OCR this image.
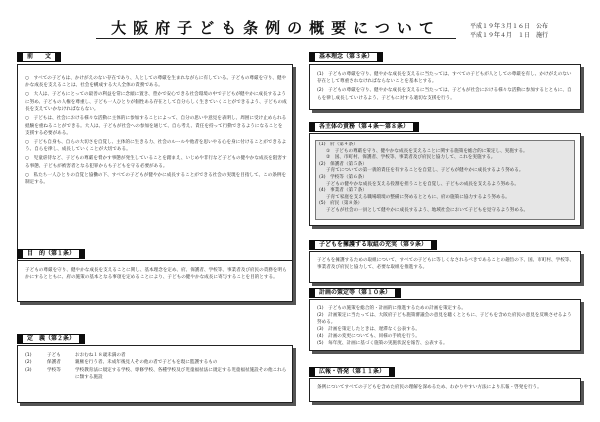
大阪府子ども条例の概要について	平成１９年３月１６日　公布
平成１９年４月　１日　施行
前　　文

○　すべての子どもは、かけがえのない存在であり、人としての尊厳を生まれながらに有している。子どもの尊厳を守り、健やかな成長を支えることは、社会を構成する大人全体の責務である。

○　大人は、子どもにとっての最善の利益を常に念頭に置き、豊かで安心できる社会環境の中で子どもが健やかに成長するように努め、子どもの人権を尊重し、子ども一人ひとりが個性ある存在として自分らしく生きていくことができるよう、子どもの成長を支えていかなければならない。

○　子どもは、社会における様々な活動に主体的に参加することによって、自分の思いや意見を表明し、周囲に受け止められる経験を重ねることができる。大人は、子どもが社会への参加を通じて、自ら考え、責任を持って行動できるようになることを支援する必要がある。

○　子ども自身も、自らの大切さを自覚し、主体的に生きる力、社会のルールや他者を思いやる心を身に付けることができるよう、自らを律し、成長していくことが大切である。

○　児童虐待など、子どもの尊厳を脅かす事態が発生していることを踏まえ、いじめや非行など子どもの健やかな成長を阻害する事態、子どもが被害者となる犯罪からも子どもを守る必要がある。

○　私たち一人ひとりの自覚と協働の下、すべての子どもが健やかに成長することができる社会の実現を目指して、この条例を制定する。

目　的（第１条）
子どもの尊厳を守り、健やかな成長を支えることに関し、基本理念を定め、府、保護者、学校等、事業者及び府民の責務を明らかにするとともに、府の施策の基本となる事項を定めることにより、子どもの健やかな成長に寄与することを目的とする。
定　義（第２条）
(1)	子ども	おおむね１８歳未満の者
(2)	保護者	親権を行う者、未成年後見人その他の者で子どもを現に監護するもの
(3)	学校等	学校教育法に規定する学校、専修学校、各種学校及び児童福祉法に規定する児童福祉施設その他これらに類する施設
基本理念（第３条）

(1)　子どもの尊厳を守り、健やかな成長を支えるに当たっては、すべての子どもが人としての尊厳を有し、かけがえのない存在として尊重されなければならないことを基本とする。

(2)　子どもの尊厳を守り、健やかな成長を支えるに当たっては、子どもが社会における様々な活動に参加するとともに、自らを律し成長していけるよう、子どもに対する適切な支援を行う。

各主体の責務（第４条〜第８条）
(1)　府（第４条）
①　子どもの尊厳を守り、健やかな成長を支えることに関する施策を総合的に策定し、実施する。
②　国、市町村、保護者、学校等、事業者及び府民と協力して、これを実施する。
(2)　保護者（第５条）
子育てについての第一義的責任を有することを自覚し、子どもが健やかに成長するよう努める。
(3)　学校等（第６条）
子どもの健やかな成長を支える役割を担うことを自覚し、子どもの成長を支えるよう努める。
(4)　事業者（第７条）
子育て家庭を支える職場環境の整備に努めるとともに、府の施策に協力するよう努める。
(5)　府民（第８条）
子どもが社会の一員として健やかに成長するよう、地域社会において子どもを見守るよう努める。
子どもを擁護する取組の充実（第９条）
子どもを擁護するための取組について、すべての子どもに等しくなされるべきであることの趣旨の下、国、市町村、学校等、事業者及び府民と協力して、必要な取組を推進する。
計画の策定等（第１０条）
(1)　子どもの施策を総合的・計画的に推進するための計画を策定する。
(2)　計画策定に当たっては、大阪府子ども施策審議会の意見を聴くとともに、子どもを含めた府民の意見を反映させるよう努める。
(3)　計画を策定したときは、遅滞なく公表する。
(4)　計画の変更についても、同様の手続を行う。
(5)　毎年度、計画に基づく施策の実施状況を報告、公表する。
広報・啓発（第１１条）
条例についてすべての子どもを含めた府民の理解を深めるため、わかりやすい方法により広報・啓発を行う。
